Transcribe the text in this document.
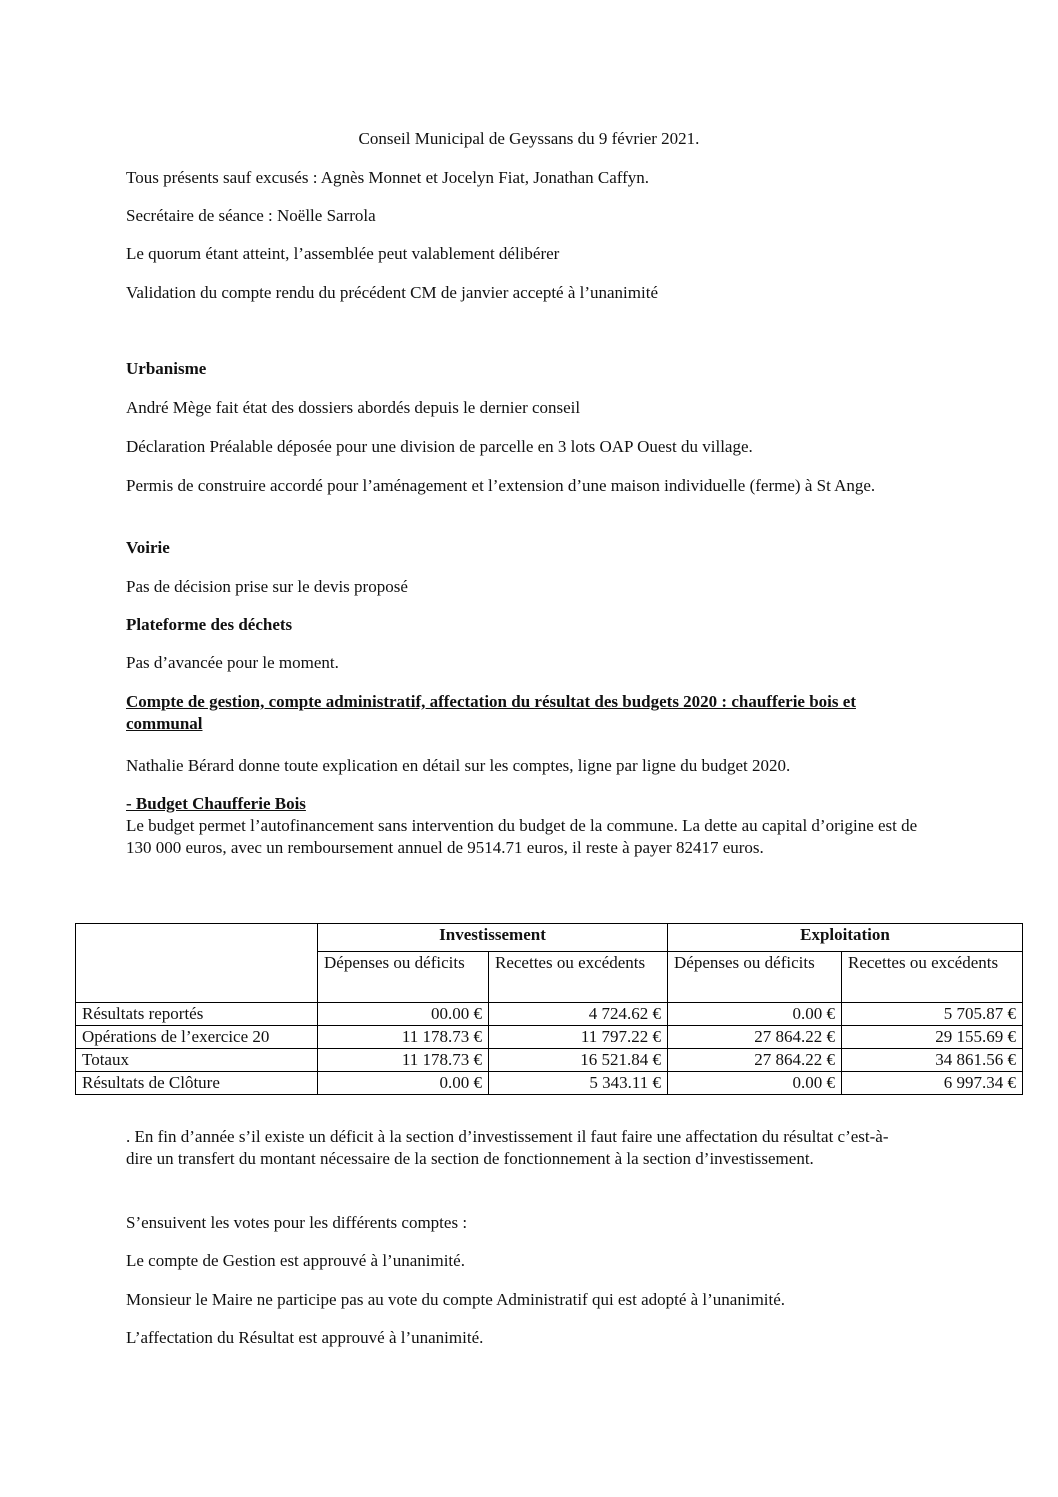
Conseil Municipal de Geyssans du 9 février 2021.

Tous présents sauf excusés : Agnès Monnet et Jocelyn Fiat, Jonathan Caffyn.

Secrétaire de séance : Noëlle Sarrola

Le quorum étant atteint, l’assemblée peut valablement délibérer

Validation du compte rendu du précédent CM de janvier accepté à l’unanimité

Urbanisme

André Mège fait état des dossiers abordés depuis le dernier conseil

Déclaration Préalable déposée pour une division de parcelle en 3 lots OAP Ouest du village.

Permis de construire accordé pour l’aménagement et l’extension d’une maison individuelle (ferme) à St Ange.

Voirie

Pas de décision prise sur le devis proposé

Plateforme des déchets

Pas d’avancée pour le moment.

Compte de gestion, compte administratif, affectation du résultat des budgets 2020 : chaufferie bois et communal

Nathalie Bérard donne toute explication en détail sur les comptes, ligne par ligne du budget 2020.

- Budget Chaufferie Bois

Le budget permet l’autofinancement sans intervention du budget de la commune. La dette au capital d’origine est de 130 000 euros, avec un remboursement annuel de 9514.71 euros, il reste à payer 82417 euros.

	Investissement		Exploitation	
	Dépenses ou déficits	Recettes ou excédents	Dépenses ou déficits	Recettes ou excédents
Résultats reportés	00.00 €	4 724.62 €	0.00 €	5 705.87 €
Opérations de l’exercice 20	11 178.73 €	11 797.22 €	27 864.22 €	29 155.69 €
Totaux	11 178.73 €	16 521.84 €	27 864.22 €	34 861.56 €
Résultats de Clôture	0.00 €	5 343.11 €	0.00 €	6 997.34 €

. En fin d’année s’il existe un déficit à la section d’investissement il faut faire une affectation du résultat c’est-à-dire un transfert du montant nécessaire de la section de fonctionnement à la section d’investissement.

S’ensuivent les votes pour les différents comptes :

Le compte de Gestion est approuvé à l’unanimité.

Monsieur le Maire ne participe pas au vote du compte Administratif qui est adopté à l’unanimité.

L’affectation du Résultat est approuvé à l’unanimité.
